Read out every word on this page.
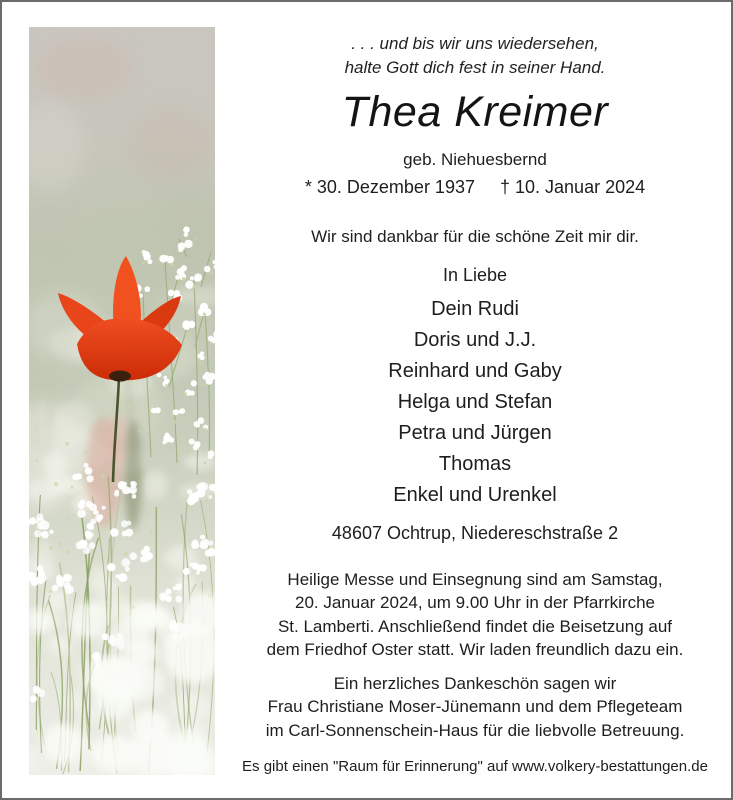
. . . und bis wir uns wiedersehen,
halte Gott dich fest in seiner Hand.
Thea Kreimer
geb. Niehuesbernd
* 30. Dezember 1937 † 10. Januar 2024
Wir sind dankbar für die schöne Zeit mir dir.
In Liebe
Dein Rudi
Doris und J.J.
Reinhard und Gaby
Helga und Stefan
Petra und Jürgen
Thomas
Enkel und Urenkel
48607 Ochtrup, Niedereschstraße 2
Heilige Messe und Einsegnung sind am Samstag,
20. Januar 2024, um 9.00 Uhr in der Pfarrkirche
St. Lamberti. Anschließend findet die Beisetzung auf
dem Friedhof Oster statt. Wir laden freundlich dazu ein.
Ein herzliches Dankeschön sagen wir
Frau Christiane Moser-Jünemann und dem Pflegeteam
im Carl-Sonnenschein-Haus für die liebvolle Betreuung.
Es gibt einen "Raum für Erinnerung" auf www.volkery-bestattungen.de
